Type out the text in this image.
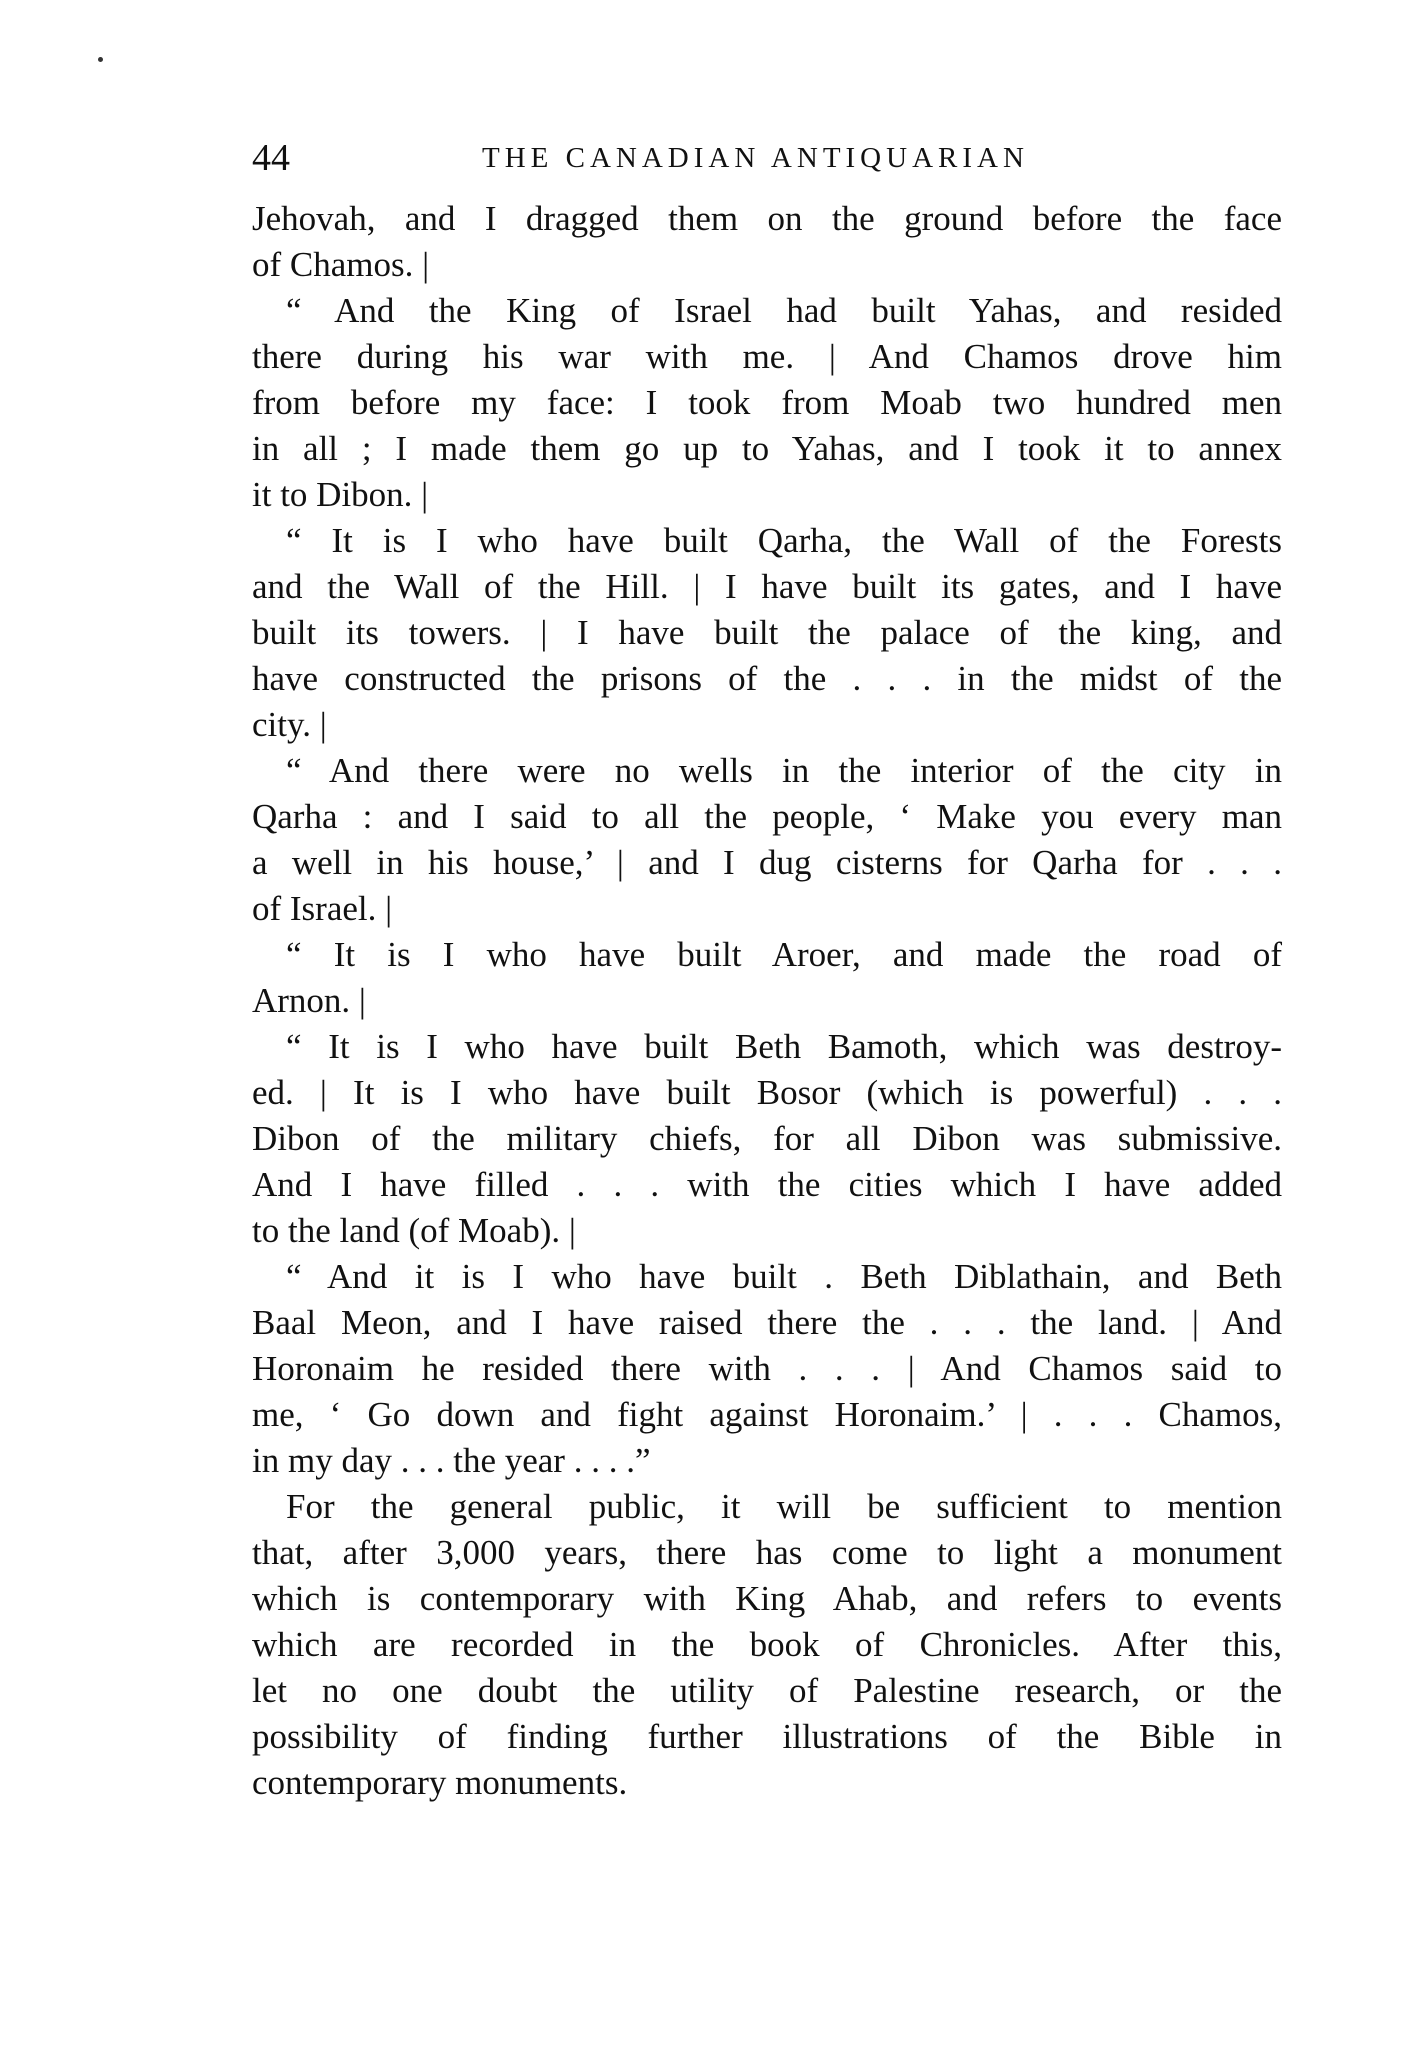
44	THE CANADIAN ANTIQUARIAN
Jehovah, and I dragged them on the ground before the face
of Chamos. |
“ And the King of Israel had built Yahas, and resided
there during his war with me. | And Chamos drove him
from before my face: I took from Moab two hundred men
in all ; I made them go up to Yahas, and I took it to annex
it to Dibon. |
“ It is I who have built Qarha, the Wall of the Forests
and the Wall of the Hill. | I have built its gates, and I have
built its towers. | I have built the palace of the king, and
have constructed the prisons of the . . . in the midst of the
city. |
“ And there were no wells in the interior of the city in
Qarha : and I said to all the people, ‘ Make you every man
a well in his house,’ | and I dug cisterns for Qarha for . . .
of Israel. |
“ It is I who have built Aroer, and made the road of
Arnon. |
“ It is I who have built Beth Bamoth, which was destroy-
ed. | It is I who have built Bosor (which is powerful) . . .
Dibon of the military chiefs, for all Dibon was submissive.
And I have filled . . . with the cities which I have added
to the land (of Moab). |
“ And it is I who have built . Beth Diblathain, and Beth
Baal Meon, and I have raised there the . . . the land. | And
Horonaim he resided there with . . . | And Chamos said to
me, ‘ Go down and fight against Horonaim.’ | . . . Chamos,
in my day . . . the year . . . .”
For the general public, it will be sufficient to mention
that, after 3,000 years, there has come to light a monument
which is contemporary with King Ahab, and refers to events
which are recorded in the book of Chronicles. After this,
let no one doubt the utility of Palestine research, or the
possibility of finding further illustrations of the Bible in
contemporary monuments.
